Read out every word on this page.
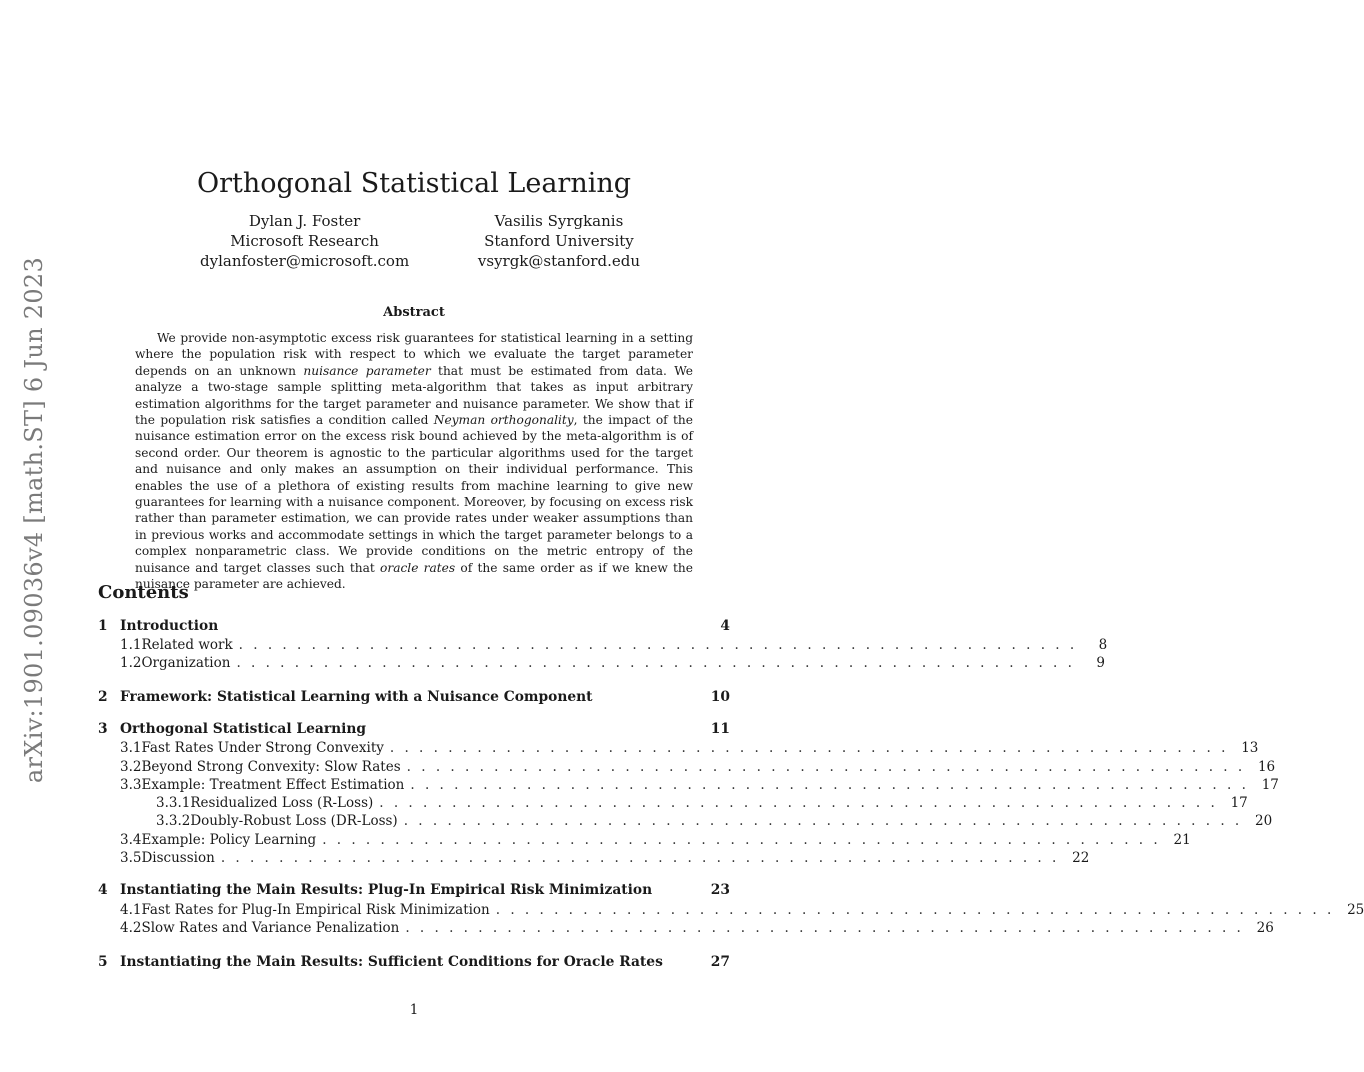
arXiv:1901.09036v4 [math.ST] 6 Jun 2023
Orthogonal Statistical Learning
Dylan J. Foster
Microsoft Research
dylanfoster@microsoft.com
Vasilis Syrgkanis
Stanford University
vsyrgk@stanford.edu
Abstract

We provide non-asymptotic excess risk guarantees for statistical learning in a setting where the population risk with respect to which we evaluate the target parameter depends on an unknown nuisance parameter that must be estimated from data. We analyze a two-stage sample splitting meta-algorithm that takes as input arbitrary estimation algorithms for the target parameter and nuisance parameter. We show that if the population risk satisfies a condition called Neyman orthogonality, the impact of the nuisance estimation error on the excess risk bound achieved by the meta-algorithm is of second order. Our theorem is agnostic to the particular algorithms used for the target and nuisance and only makes an assumption on their individual performance. This enables the use of a plethora of existing results from machine learning to give new guarantees for learning with a nuisance component. Moreover, by focusing on excess risk rather than parameter estimation, we can provide rates under weaker assumptions than in previous works and accommodate settings in which the target parameter belongs to a complex nonparametric class. We provide conditions on the metric entropy of the nuisance and target classes such that oracle rates of the same order as if we knew the nuisance parameter are achieved.

Contents
1 Introduction	4
1.1 Related work . . . . . . . . . . . . . . . . . . . . . . . . . . . . . . . . . . . . . . . . . . . . . . . . . . . . . . . . . .	8
1.2 Organization . . . . . . . . . . . . . . . . . . . . . . . . . . . . . . . . . . . . . . . . . . . . . . . . . . . . . . . . . .	9
2 Framework: Statistical Learning with a Nuisance Component	10
3 Orthogonal Statistical Learning	11
3.1 Fast Rates Under Strong Convexity . . . . . . . . . . . . . . . . . . . . . . . . . . . . . . . . . . . . . . . . . . . . . . . . . . . . . . . . . . 13
3.2 Beyond Strong Convexity: Slow Rates . . . . . . . . . . . . . . . . . . . . . . . . . . . . . . . . . . . . . . . . . . . . . . . . . . . . . . . . . . 16
3.3 Example: Treatment Effect Estimation . . . . . . . . . . . . . . . . . . . . . . . . . . . . . . . . . . . . . . . . . . . . . . . . . . . . . . . . . . 17
3.3.1 Residualized Loss (R-Loss) . . . . . . . . . . . . . . . . . . . . . . . . . . . . . . . . . . . . . . . . . . . . . . . . . . . . . . . . . . 17
3.3.2 Doubly-Robust Loss (DR-Loss) . . . . . . . . . . . . . . . . . . . . . . . . . . . . . . . . . . . . . . . . . . . . . . . . . . . . . . . . . . 20
3.4 Example: Policy Learning . . . . . . . . . . . . . . . . . . . . . . . . . . . . . . . . . . . . . . . . . . . . . . . . . . . . . . . . . . 21
3.5 Discussion . . . . . . . . . . . . . . . . . . . . . . . . . . . . . . . . . . . . . . . . . . . . . . . . . . . . . . . . . . 22
4 Instantiating the Main Results: Plug-In Empirical Risk Minimization	23
4.1 Fast Rates for Plug-In Empirical Risk Minimization . . . . . . . . . . . . . . . . . . . . . . . . . . . . . . . . . . . . . . . . . . . . . . . . . . . . . . . . . . 25
4.2 Slow Rates and Variance Penalization . . . . . . . . . . . . . . . . . . . . . . . . . . . . . . . . . . . . . . . . . . . . . . . . . . . . . . . . . . 26
5 Instantiating the Main Results: Sufficient Conditions for Oracle Rates	27
1
